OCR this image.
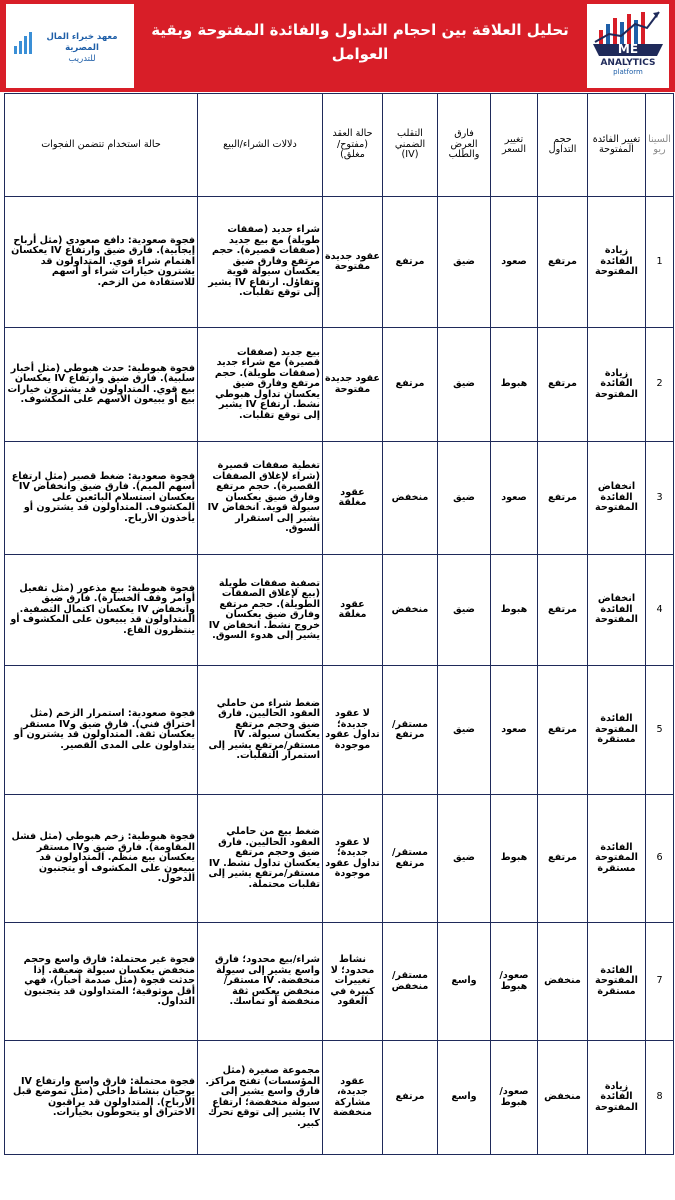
معهد خبراء المال المصرية
للتدريب
تحليل العلاقة بين احجام التداول والفائدة المفتوحة وبقية العوامل	ME
ANALYTICS
platform
السيناريو	تغيير الفائدة المفتوحة	حجم التداول	تغيير السعر	فارق العرض والطلب	التقلب الضمني (IV)	حالة العقد (مفتوح/مغلق)	دلالات الشراء/البيع	حالة استخدام تتضمن الفجوات
1	زيادة الفائدة المفتوحة	مرتفع	صعود	ضيق	مرتفع	عقود جديدة مفتوحة	شراء جديد (صفقات طويلة) مع بيع جديد (صفقات قصيرة). حجم مرتفع وفارق ضيق يعكسان سيولة قوية وتفاؤل. ارتفاع IV يشير إلى توقع تقلبات.	فجوة صعودية: دافع صعودي (مثل أرباح إيجابية). فارق ضيق وارتفاع IV يعكسان اهتمام شراء قوي. المتداولون قد يشترون خيارات شراء أو أسهم للاستفادة من الزخم.
2	زيادة الفائدة المفتوحة	مرتفع	هبوط	ضيق	مرتفع	عقود جديدة مفتوحة	بيع جديد (صفقات قصيرة) مع شراء جديد (صفقات طويلة). حجم مرتفع وفارق ضيق يعكسان تداول هبوطي نشط. ارتفاع IV يشير إلى توقع تقلبات.	فجوة هبوطية: حدث هبوطي (مثل أخبار سلبية). فارق ضيق وارتفاع IV يعكسان بيع قوي. المتداولون قد يشترون خيارات بيع أو يبيعون الأسهم على المكشوف.
3	انخفاض الفائدة المفتوحة	مرتفع	صعود	ضيق	منخفض	عقود مغلقة	تغطية صفقات قصيرة (شراء لإغلاق الصفقات القصيرة). حجم مرتفع وفارق ضيق يعكسان سيولة قوية. انخفاض IV يشير إلى استقرار السوق.	فجوة صعودية: ضغط قصير (مثل ارتفاع أسهم الميم). فارق ضيق وانخفاض IV يعكسان استسلام البائعين على المكشوف. المتداولون قد يشترون أو يأخذون الأرباح.
4	انخفاض الفائدة المفتوحة	مرتفع	هبوط	ضيق	منخفض	عقود مغلقة	تصفية صفقات طويلة (بيع لإغلاق الصفقات الطويلة). حجم مرتفع وفارق ضيق يعكسان خروج نشط. انخفاض IV يشير إلى هدوء السوق.	فجوة هبوطية: بيع مذعور (مثل تفعيل أوامر وقف الخسارة). فارق ضيق وانخفاض IV يعكسان اكتمال التصفية. المتداولون قد يبيعون على المكشوف أو ينتظرون القاع.
5	الفائدة المفتوحة مستقرة	مرتفع	صعود	ضيق	مستقر/ مرتفع	لا عقود جديدة؛ تداول عقود موجودة	ضغط شراء من حاملي العقود الحاليين. فارق ضيق وحجم مرتفع يعكسان سيولة. IV مستقر/مرتفع يشير إلى استمرار التقلبات.	فجوة صعودية: استمرار الزخم (مثل اختراق فني). فارق ضيق وIV مستقر يعكسان ثقة. المتداولون قد يشترون أو يتداولون على المدى القصير.
6	الفائدة المفتوحة مستقرة	مرتفع	هبوط	ضيق	مستقر/ مرتفع	لا عقود جديدة؛ تداول عقود موجودة	ضغط بيع من حاملي العقود الحاليين. فارق ضيق وحجم مرتفع يعكسان تداول نشط. IV مستقر/مرتفع يشير إلى تقلبات محتملة.	فجوة هبوطية: زخم هبوطي (مثل فشل المقاومة). فارق ضيق وIV مستقر يعكسان بيع منظم. المتداولون قد يبيعون على المكشوف أو يتجنبون الدخول.
7	الفائدة المفتوحة مستقرة	منخفض	صعود/ هبوط	واسع	مستقر/ منخفض	نشاط محدود؛ لا تغييرات كبيرة في العقود	شراء/بيع محدود؛ فارق واسع يشير إلى سيولة منخفضة. IV مستقر/منخفض يعكس ثقة منخفضة أو تماسك.	فجوة غير محتملة: فارق واسع وحجم منخفض يعكسان سيولة ضعيفة. إذا حدثت فجوة (مثل صدمة أخبار)، فهي أقل موثوقية؛ المتداولون قد يتجنبون التداول.
8	زيادة الفائدة المفتوحة	منخفض	صعود/ هبوط	واسع	مرتفع	عقود جديدة، مشاركة منخفضة	مجموعة صغيرة (مثل المؤسسات) تفتح مراكز. فارق واسع يشير إلى سيولة منخفضة؛ ارتفاع IV يشير إلى توقع تحرك كبير.	فجوة محتملة: فارق واسع وارتفاع IV يوحيان بنشاط داخلي (مثل تموضع قبل الأرباح). المتداولون قد يراقبون الاختراق أو يتحوطون بخيارات.
